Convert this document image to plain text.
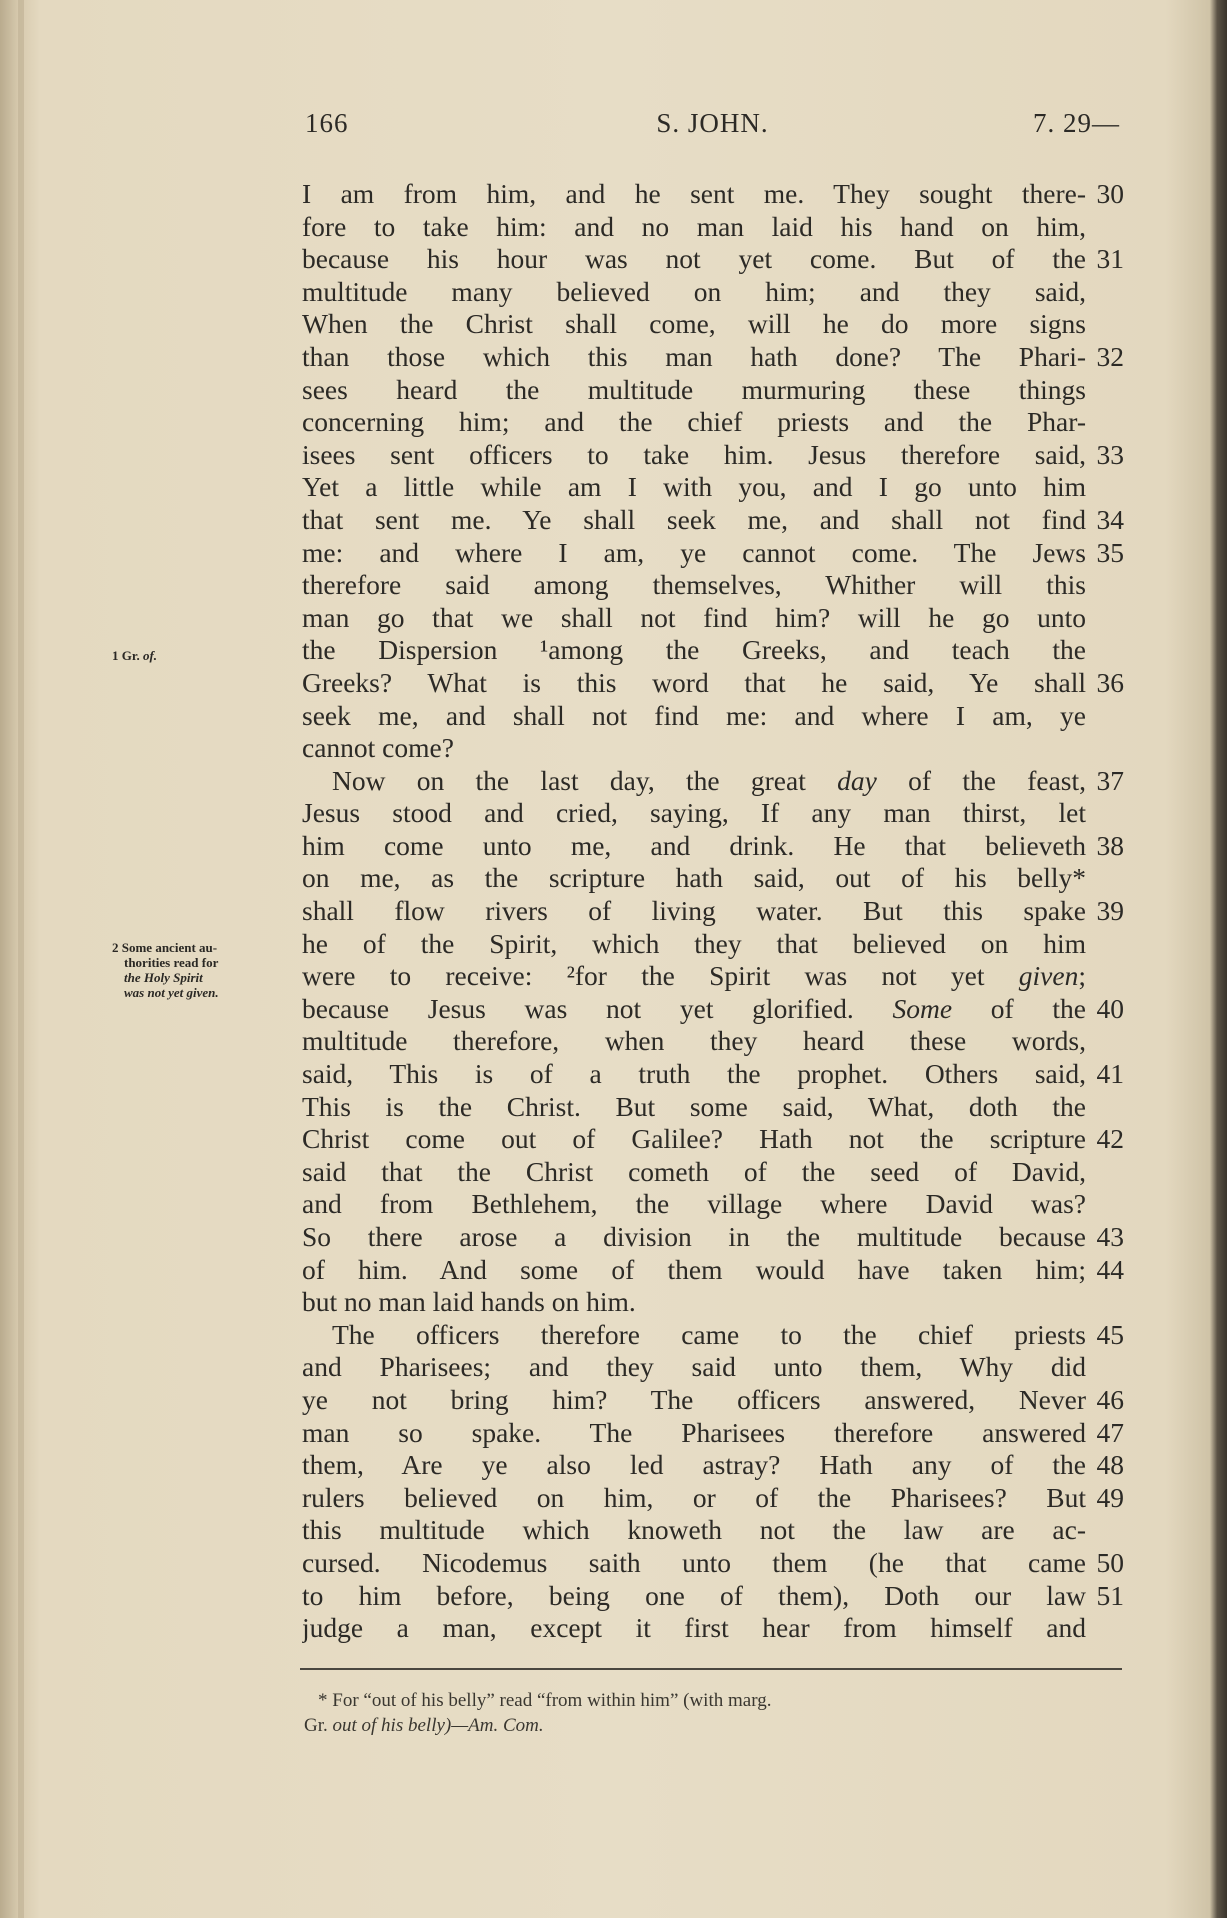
166	S. JOHN.	7. 29—
1 Gr. of.
2 Some ancient au-
thorities read for
the Holy Spirit
was not yet given.
I am from him, and he sent me. They sought there- 30
fore to take him: and no man laid his hand on him,
because his hour was not yet come. But of the 31
multitude many believed on him; and they said,
When the Christ shall come, will he do more signs
than those which this man hath done? The Phari- 32
sees heard the multitude murmuring these things
concerning him; and the chief priests and the Phar-
isees sent officers to take him. Jesus therefore said, 33
Yet a little while am I with you, and I go unto him
that sent me. Ye shall seek me, and shall not find 34
me: and where I am, ye cannot come. The Jews 35
therefore said among themselves, Whither will this
man go that we shall not find him? will he go unto
the Dispersion ¹among the Greeks, and teach the
Greeks? What is this word that he said, Ye shall 36
seek me, and shall not find me: and where I am, ye
cannot come?
Now on the last day, the great day of the feast, 37
Jesus stood and cried, saying, If any man thirst, let
him come unto me, and drink. He that believeth 38
on me, as the scripture hath said, out of his belly*
shall flow rivers of living water. But this spake 39
he of the Spirit, which they that believed on him
were to receive: ²for the Spirit was not yet given;
because Jesus was not yet glorified. Some of the 40
multitude therefore, when they heard these words,
said, This is of a truth the prophet. Others said, 41
This is the Christ. But some said, What, doth the
Christ come out of Galilee? Hath not the scripture 42
said that the Christ cometh of the seed of David,
and from Bethlehem, the village where David was?
So there arose a division in the multitude because 43
of him. And some of them would have taken him; 44
but no man laid hands on him.
The officers therefore came to the chief priests 45
and Pharisees; and they said unto them, Why did
ye not bring him? The officers answered, Never 46
man so spake. The Pharisees therefore answered 47
them, Are ye also led astray? Hath any of the 48
rulers believed on him, or of the Pharisees? But 49
this multitude which knoweth not the law are ac-
cursed. Nicodemus saith unto them (he that came 50
to him before, being one of them), Doth our law 51
judge a man, except it first hear from himself and
* For “out of his belly” read “from within him” (with marg.
Gr. out of his belly)—Am. Com.
